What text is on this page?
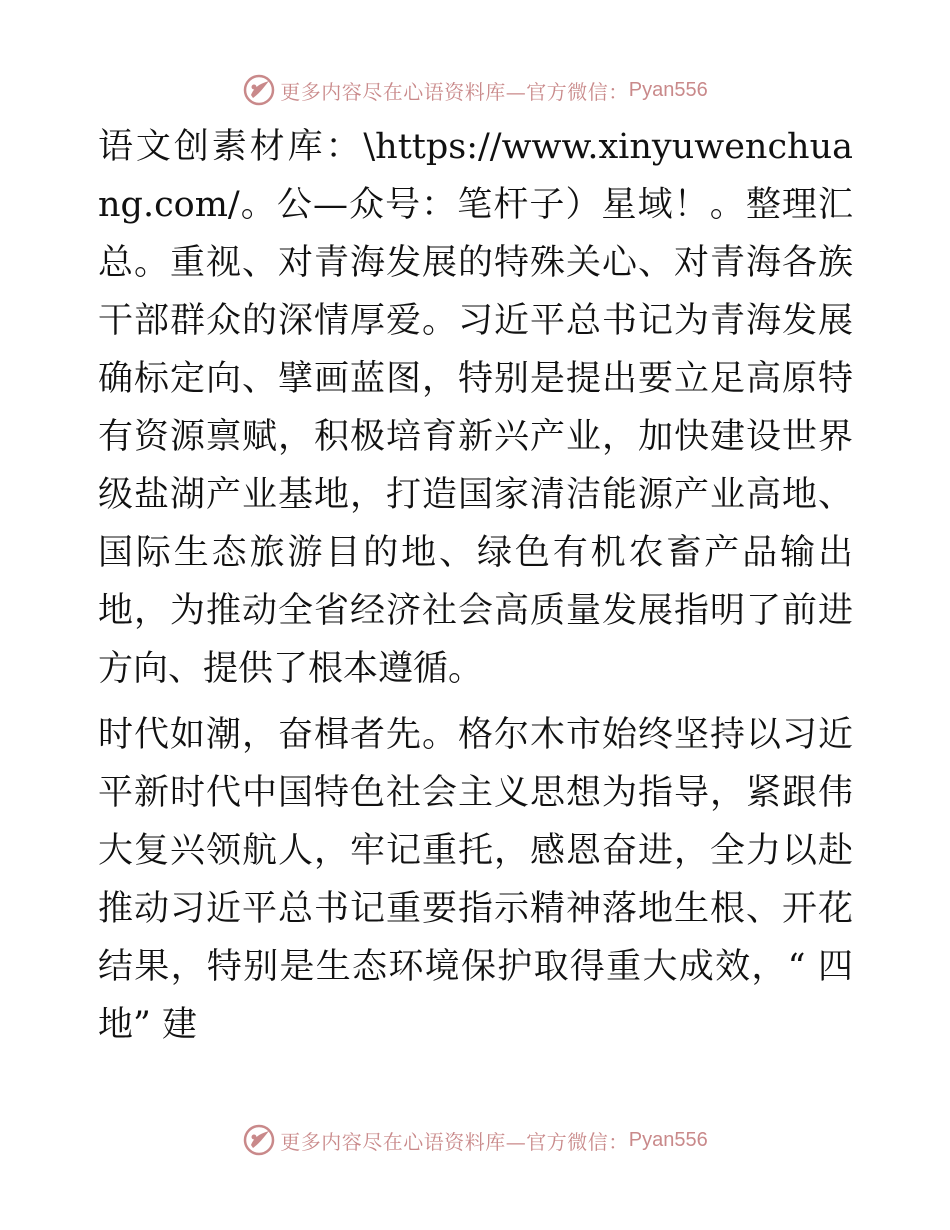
更多内容尽在心语资料库—官方微信： Pyan556

语文创素材库：\https://www.xinyuwenchuang.com/。公—众号：笔杆子）星域！。整理汇总。重视、对青海发展的特殊关心、对青海各族干部群众的深情厚爱。习近平总书记为青海发展确标定向、擘画蓝图，特别是提出要立足高原特有资源禀赋，积极培育新兴产业，加快建设世界级盐湖产业基地，打造国家清洁能源产业高地、国际生态旅游目的地、绿色有机农畜产品输出地，为推动全省经济社会高质量发展指明了前进方向、提供了根本遵循。

时代如潮，奋楫者先。格尔木市始终坚持以习近平新时代中国特色社会主义思想为指导，紧跟伟大复兴领航人，牢记重托，感恩奋进，全力以赴推动习近平总书记重要指示精神落地生根、开花结果，特别是生态环境保护取得重大成效，“ 四地” 建

更多内容尽在心语资料库—官方微信： Pyan556
